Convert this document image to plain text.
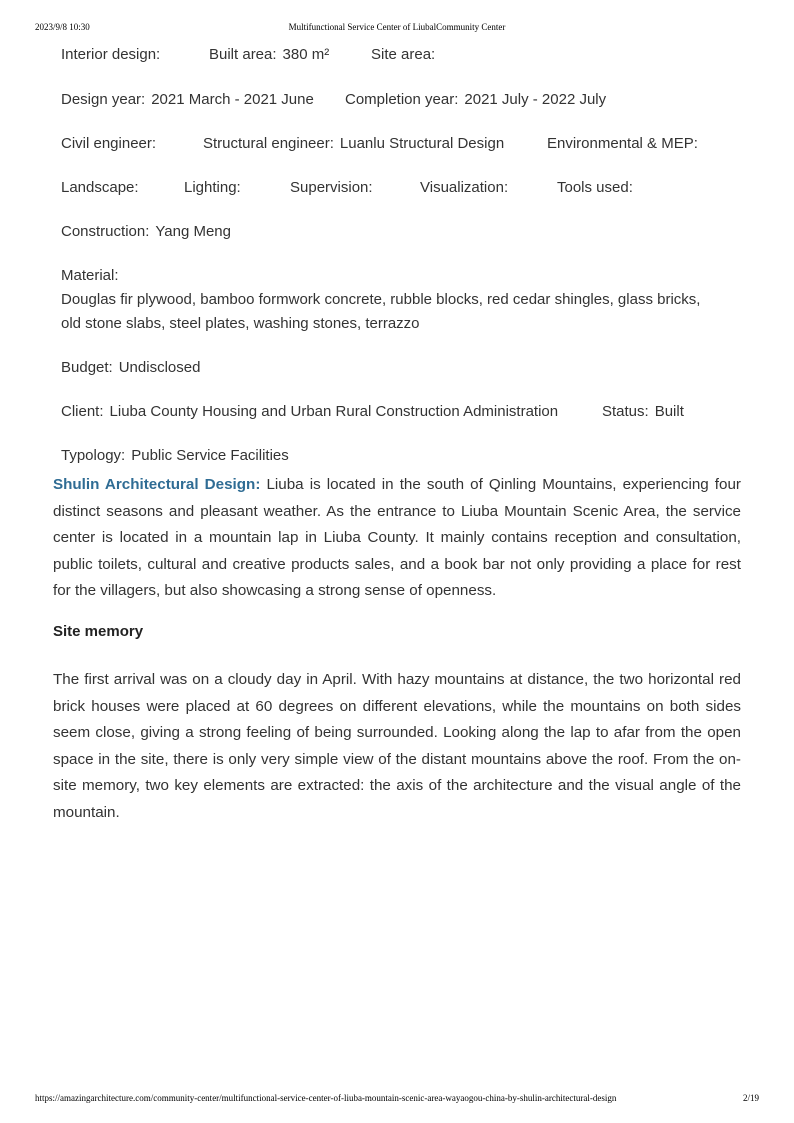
2023/9/8 10:30	Multifunctional Service Center of LiubalCommunity Center
Interior design:	Built area: 380 m²	Site area:
Design year: 2021 March - 2021 June Completion year: 2021 July - 2022 July
Civil engineer:	Structural engineer: Luanlu Structural Design	Environmental & MEP:
Landscape:	Lighting:	Supervision:	Visualization:	Tools used:
Construction: Yang Meng
Material:
Douglas fir plywood, bamboo formwork concrete, rubble blocks, red cedar shingles, glass bricks,
old stone slabs, steel plates, washing stones, terrazzo
Budget: Undisclosed
Client: Liuba County Housing and Urban Rural Construction Administration	Status: Built
Typology: Public Service Facilities

Shulin Architectural Design: Liuba is located in the south of Qinling Mountains, experiencing four distinct seasons and pleasant weather. As the entrance to Liuba Mountain Scenic Area, the service center is located in a mountain lap in Liuba County. It mainly contains reception and consultation, public toilets, cultural and creative products sales, and a book bar not only providing a place for rest for the villagers, but also showcasing a strong sense of openness.

Site memory

The first arrival was on a cloudy day in April. With hazy mountains at distance, the two horizontal red brick houses were placed at 60 degrees on different elevations, while the mountains on both sides seem close, giving a strong feeling of being surrounded. Looking along the lap to afar from the open space in the site, there is only very simple view of the distant mountains above the roof. From the on-site memory, two key elements are extracted: the axis of the architecture and the visual angle of the mountain.

https://amazingarchitecture.com/community-center/multifunctional-service-center-of-liuba-mountain-scenic-area-wayaogou-china-by-shulin-architectural-design	2/19
